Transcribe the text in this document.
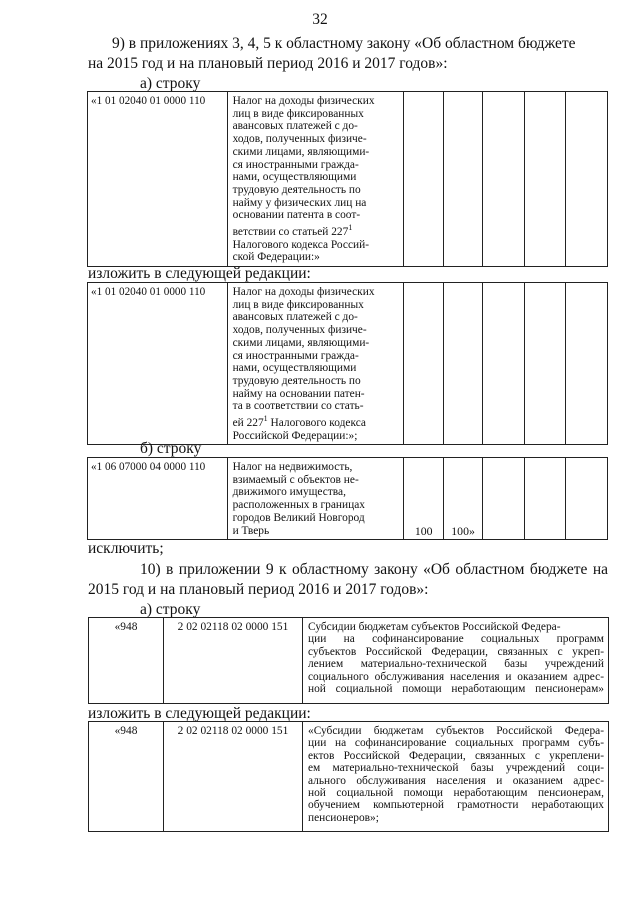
32
9) в приложениях 3, 4, 5 к областному закону «Об областном бюджете
на 2015 год и на плановый период 2016 и 2017 годов»:
а) строку
«1 01 02040 01 0000 110	Налог на доходы физических
лиц в виде фиксированных
авансовых платежей с до-
ходов, полученных физиче-
скими лицами, являющими-
ся иностранными гражда-
нами, осуществляющими
трудовую деятельность по
найму у физических лиц на
основании патента в соот-
ветствии со статьей $227^1$
Налогового кодекса Россий-
ской Федерации:»

изложить в следующей редакции:
«1 01 02040 01 0000 110	Налог на доходы физических
лиц в виде фиксированных
авансовых платежей с до-
ходов, полученных физиче-
скими лицами, являющими-
ся иностранными гражда-
нами, осуществляющими
трудовую деятельность по
найму на основании патен-
та в соответствии со стать-
ей $227^1$ Налогового кодекса
Российской Федерации:»;

б) строку
«1 06 07000 04 0000 110	Налог на недвижимость,
взимаемый с объектов не-
движимого имущества,
расположенных в границах
городов Великий Новгород
и Тверь	100	100»			
исключить;
10) в приложении 9 к областному закону «Об областном бюджете на
2015 год и на плановый период 2016 и 2017 годов»:
а) строку
«948	2 02 02118 02 0000 151	Субсидии бюджетам субъектов Российской Федера-
ции на софинансирование социальных программ
субъектов Российской Федерации, связанных с укреп-
лением материально-технической базы учреждений
социального обслуживания населения и оказанием адрес-
ной социальной помощи неработающим пенсионерам»
изложить в следующей редакции:
«948	2 02 02118 02 0000 151	«Субсидии бюджетам субъектов Российской Федера-
ции на софинансирование социальных программ субъ-
ектов Российской Федерации, связанных с укреплени-
ем материально-технической базы учреждений соци-
ального обслуживания населения и оказанием адрес-
ной социальной помощи неработающим пенсионерам,
обучением компьютерной грамотности неработающих
пенсионеров»;
